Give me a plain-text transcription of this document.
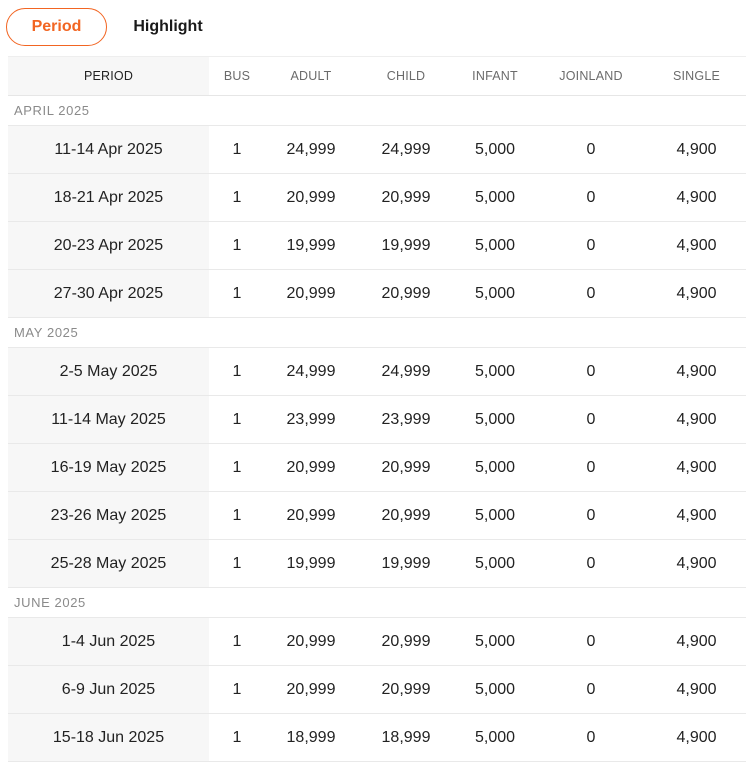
Period	Highlight
PERIOD	BUS	ADULT	CHILD	INFANT	JOINLAND	SINGLE
APRIL 2025						
11-14 Apr 2025	1	24,999	24,999	5,000	0	4,900
18-21 Apr 2025	1	20,999	20,999	5,000	0	4,900
20-23 Apr 2025	1	19,999	19,999	5,000	0	4,900
27-30 Apr 2025	1	20,999	20,999	5,000	0	4,900
MAY 2025						
2-5 May 2025	1	24,999	24,999	5,000	0	4,900
11-14 May 2025	1	23,999	23,999	5,000	0	4,900
16-19 May 2025	1	20,999	20,999	5,000	0	4,900
23-26 May 2025	1	20,999	20,999	5,000	0	4,900
25-28 May 2025	1	19,999	19,999	5,000	0	4,900
JUNE 2025						
1-4 Jun 2025	1	20,999	20,999	5,000	0	4,900
6-9 Jun 2025	1	20,999	20,999	5,000	0	4,900
15-18 Jun 2025	1	18,999	18,999	5,000	0	4,900
